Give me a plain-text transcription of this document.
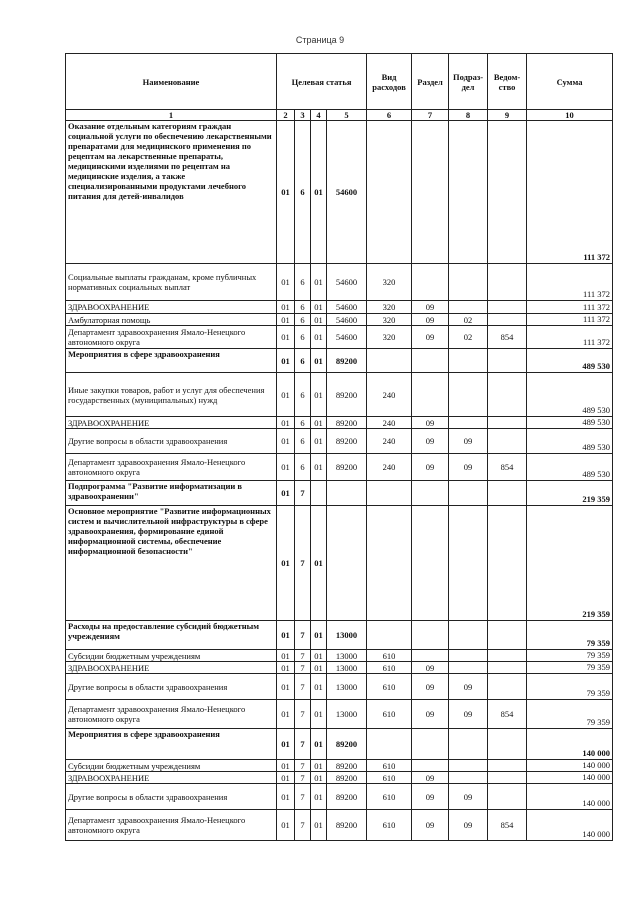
Страница 9
Наименование	Целевая статья				Вид расходов	Раздел	Подраз- дел	Ведом- ство	Сумма
1	2	3	4	5	6	7	8	9	10
Оказание отдельным категориям граждан социальной услуги по обеспечению лекарственными препаратами для медицинского применения по рецептам на лекарственные препараты, медицинскими изделиями по рецептам на медицинские изделия, а также специализированными продуктами лечебного питания для детей-инвалидов	01	6	01	54600					111 372
Социальные выплаты гражданам, кроме публичных нормативных социальных выплат	01	6	01	54600	320				111 372
ЗДРАВООХРАНЕНИЕ	01	6	01	54600	320	09			111 372
Амбулаторная помощь	01	6	01	54600	320	09	02		111 372
Департамент здравоохранения Ямало-Ненецкого автономного округа	01	6	01	54600	320	09	02	854	111 372
Мероприятия в сфере здравоохранения	01	6	01	89200					489 530
Иные закупки товаров, работ и услуг для обеспечения государственных (муниципальных) нужд	01	6	01	89200	240				489 530
ЗДРАВООХРАНЕНИЕ	01	6	01	89200	240	09			489 530
Другие вопросы в области здравоохранения	01	6	01	89200	240	09	09		489 530
Департамент здравоохранения Ямало-Ненецкого автономного округа	01	6	01	89200	240	09	09	854	489 530
Подпрограмма "Развитие информатизации в здравоохранении"	01	7							219 359
Основное мероприятие "Развитие информационных систем и вычислительной инфраструктуры в сфере здравоохранения, формирование единой информационной системы, обеспечение информационной безопасности"	01	7	01						219 359
Расходы на предоставление субсидий бюджетным учреждениям	01	7	01	13000					79 359
Субсидии бюджетным учреждениям	01	7	01	13000	610				79 359
ЗДРАВООХРАНЕНИЕ	01	7	01	13000	610	09			79 359
Другие вопросы в области здравоохранения	01	7	01	13000	610	09	09		79 359
Департамент здравоохранения Ямало-Ненецкого автономного округа	01	7	01	13000	610	09	09	854	79 359
Мероприятия в сфере здравоохранения	01	7	01	89200					140 000
Субсидии бюджетным учреждениям	01	7	01	89200	610				140 000
ЗДРАВООХРАНЕНИЕ	01	7	01	89200	610	09			140 000
Другие вопросы в области здравоохранения	01	7	01	89200	610	09	09		140 000
Департамент здравоохранения Ямало-Ненецкого автономного округа	01	7	01	89200	610	09	09	854	140 000
